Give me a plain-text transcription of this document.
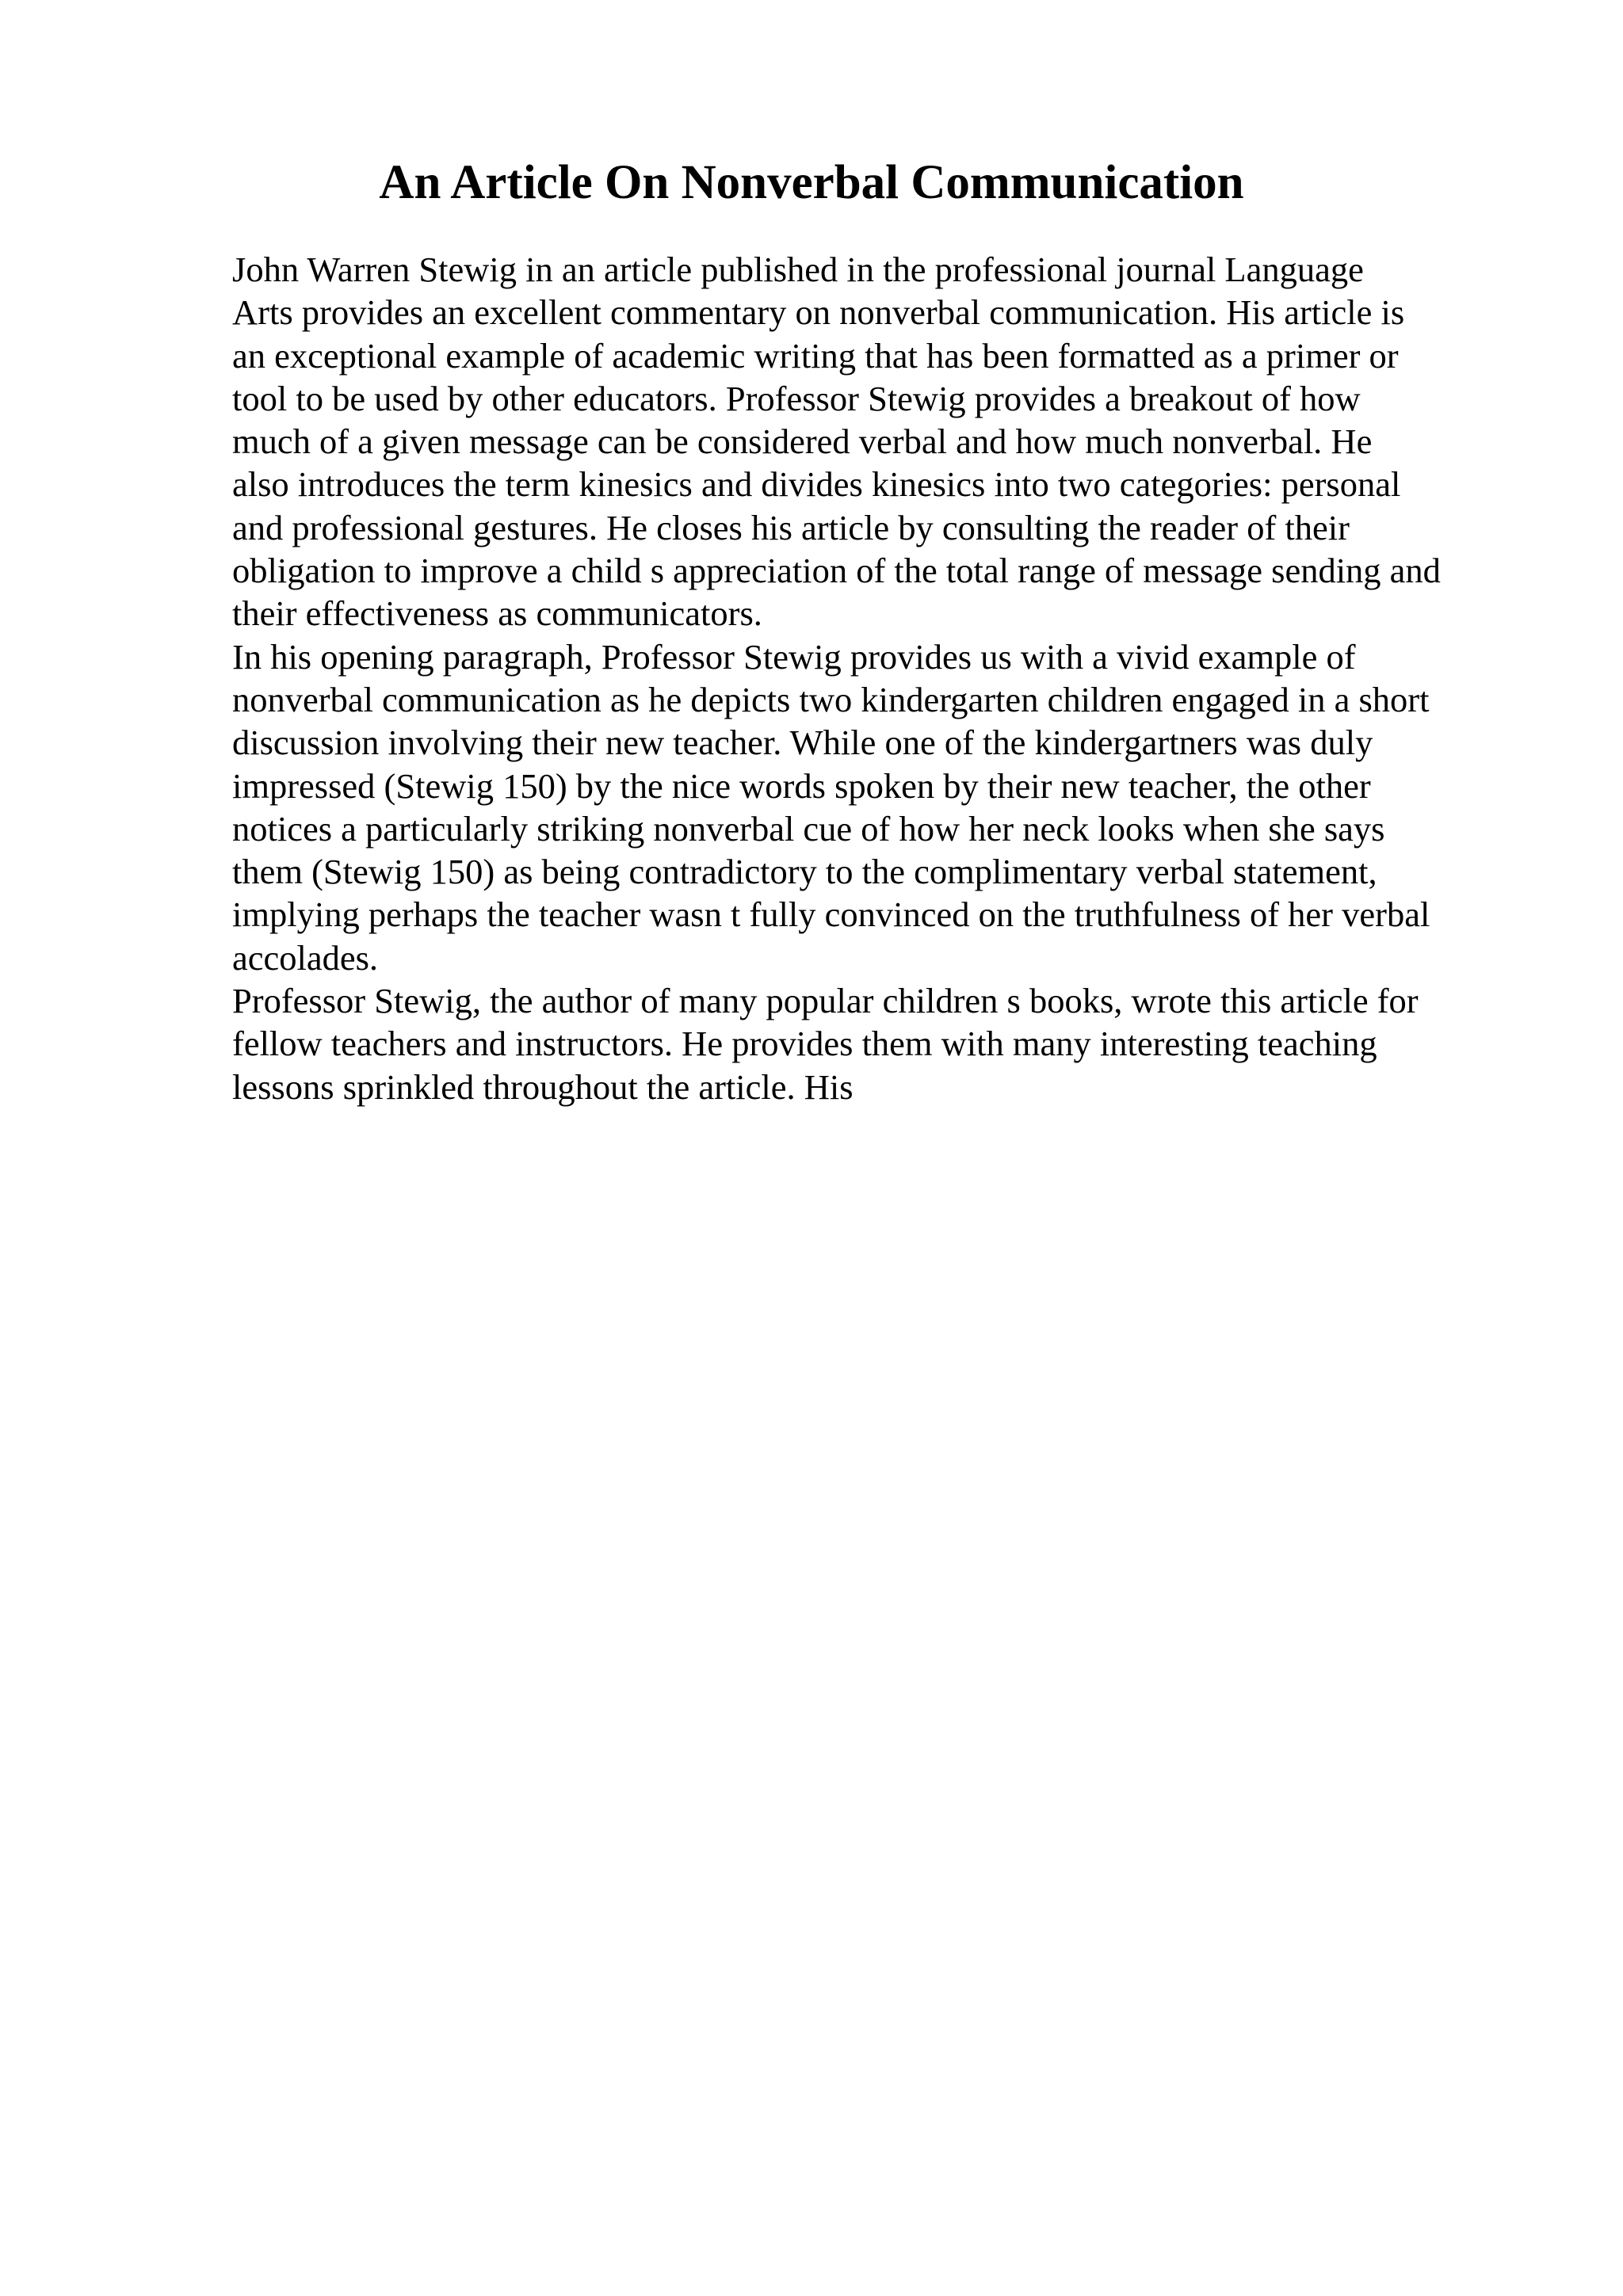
An Article On Nonverbal Communication
John Warren Stewig in an article published in the professional journal Language
Arts provides an excellent commentary on nonverbal communication. His article is
an exceptional example of academic writing that has been formatted as a primer or
tool to be used by other educators. Professor Stewig provides a breakout of how
much of a given message can be considered verbal and how much nonverbal. He
also introduces the term kinesics and divides kinesics into two categories: personal
and professional gestures. He closes his article by consulting the reader of their
obligation to improve a child s appreciation of the total range of message sending and
their effectiveness as communicators.
In his opening paragraph, Professor Stewig provides us with a vivid example of
nonverbal communication as he depicts two kindergarten children engaged in a short
discussion involving their new teacher. While one of the kindergartners was duly
impressed (Stewig 150) by the nice words spoken by their new teacher, the other
notices a particularly striking nonverbal cue of how her neck looks when she says
them (Stewig 150) as being contradictory to the complimentary verbal statement,
implying perhaps the teacher wasn t fully convinced on the truthfulness of her verbal
accolades.
Professor Stewig, the author of many popular children s books, wrote this article for
fellow teachers and instructors. He provides them with many interesting teaching
lessons sprinkled throughout the article. His
